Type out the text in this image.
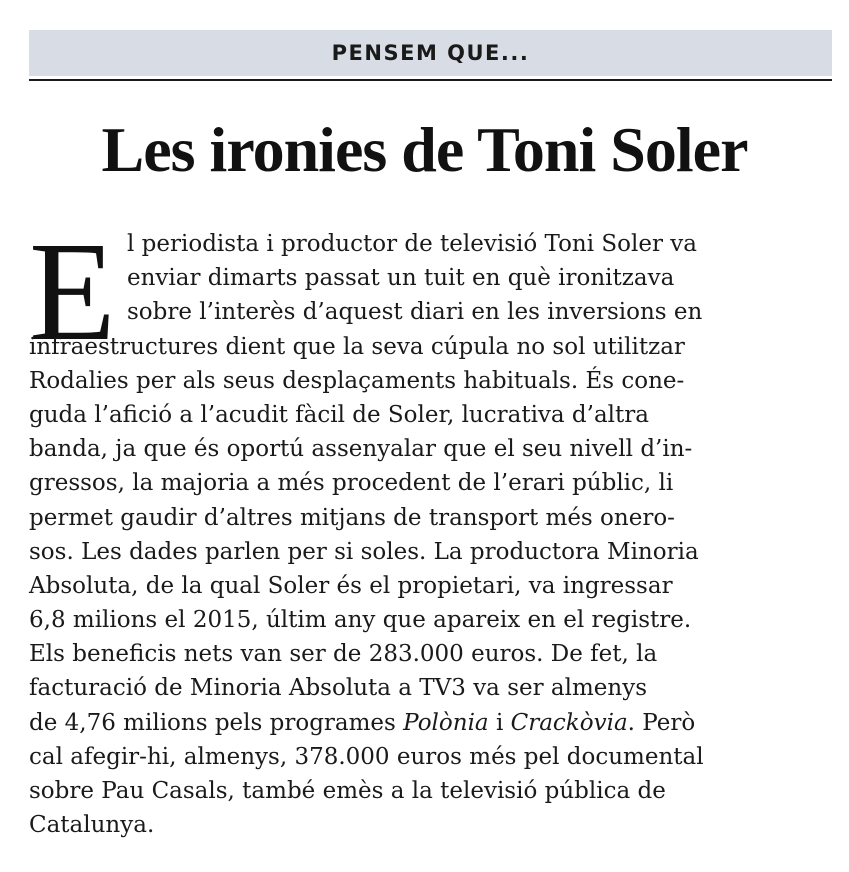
PENSEM QUE...
Les ironies de Toni Soler
E l periodista i productor de televisió Toni Soler va
enviar dimarts passat un tuit en què ironitzava
sobre l’interès d’aquest diari en les inversions en
infraestructures dient que la seva cúpula no sol utilitzar
Rodalies per als seus desplaçaments habituals. És cone-
guda l’afició a l’acudit fàcil de Soler, lucrativa d’altra
banda, ja que és oportú assenyalar que el seu nivell d’in-
gressos, la majoria a més procedent de l’erari públic, li
permet gaudir d’altres mitjans de transport més onero-
sos. Les dades parlen per si soles. La productora Minoria
Absoluta, de la qual Soler és el propietari, va ingressar
6,8 milions el 2015, últim any que apareix en el registre.
Els beneficis nets van ser de 283.000 euros. De fet, la
facturació de Minoria Absoluta a TV3 va ser almenys
de 4,76 milions pels programes Polònia i Crackòvia. Però
cal afegir-hi, almenys, 378.000 euros més pel documental
sobre Pau Casals, també emès a la televisió pública de
Catalunya.
